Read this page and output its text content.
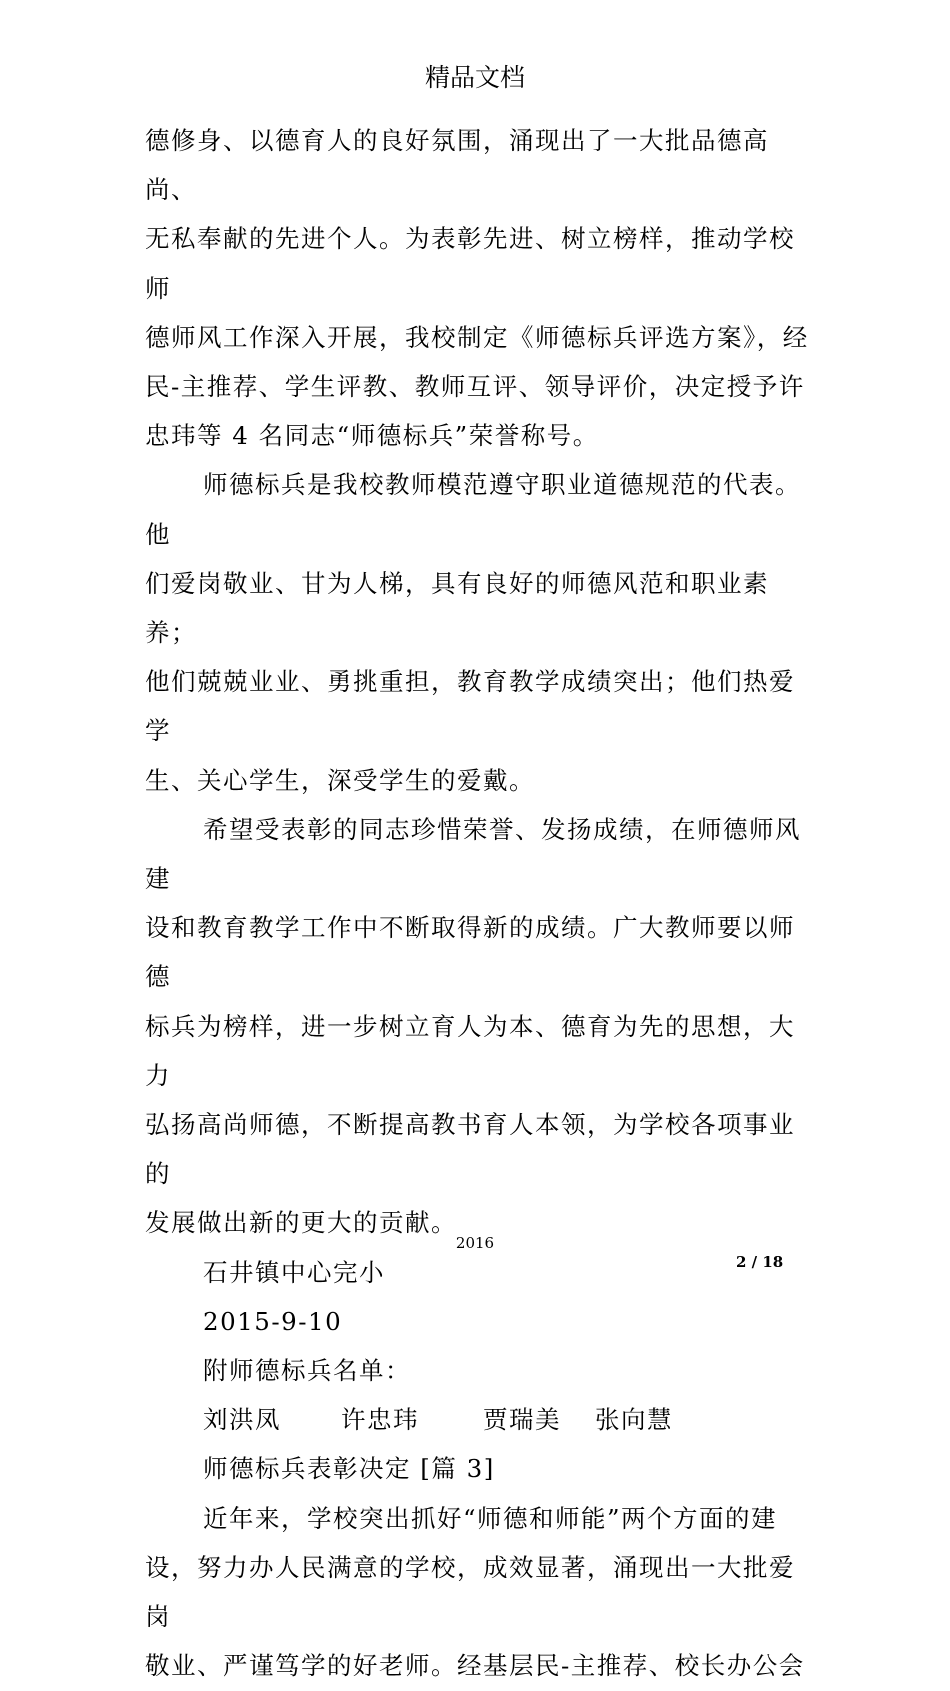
精品文档

德修身、以德育人的良好氛围，涌现出了一大批品德高尚、

无私奉献的先进个人。为表彰先进、树立榜样，推动学校师

德师风工作深入开展，我校制定《师德标兵评选方案》，经

民-主推荐、学生评教、教师互评、领导评价，决定授予许

忠玮等 4 名同志“师德标兵”荣誉称号。

师德标兵是我校教师模范遵守职业道德规范的代表。他

们爱岗敬业、甘为人梯，具有良好的师德风范和职业素养；

他们兢兢业业、勇挑重担，教育教学成绩突出；他们热爱学

生、关心学生，深受学生的爱戴。

希望受表彰的同志珍惜荣誉、发扬成绩，在师德师风建

设和教育教学工作中不断取得新的成绩。广大教师要以师德

标兵为榜样，进一步树立育人为本、德育为先的思想，大力

弘扬高尚师德，不断提高教书育人本领，为学校各项事业的

发展做出新的更大的贡献。

石井镇中心完小

2015-9-10

附师德标兵名单：

刘洪凤 许忠玮	贾瑞美 张向慧

师德标兵表彰决定 [篇 3]

近年来，学校突出抓好“师德和师能”两个方面的建

设，努力办人民满意的学校，成效显著，涌现出一大批爱岗

敬业、严谨笃学的好老师。经基层民-主推荐、校长办公会

2016
2 / 18
